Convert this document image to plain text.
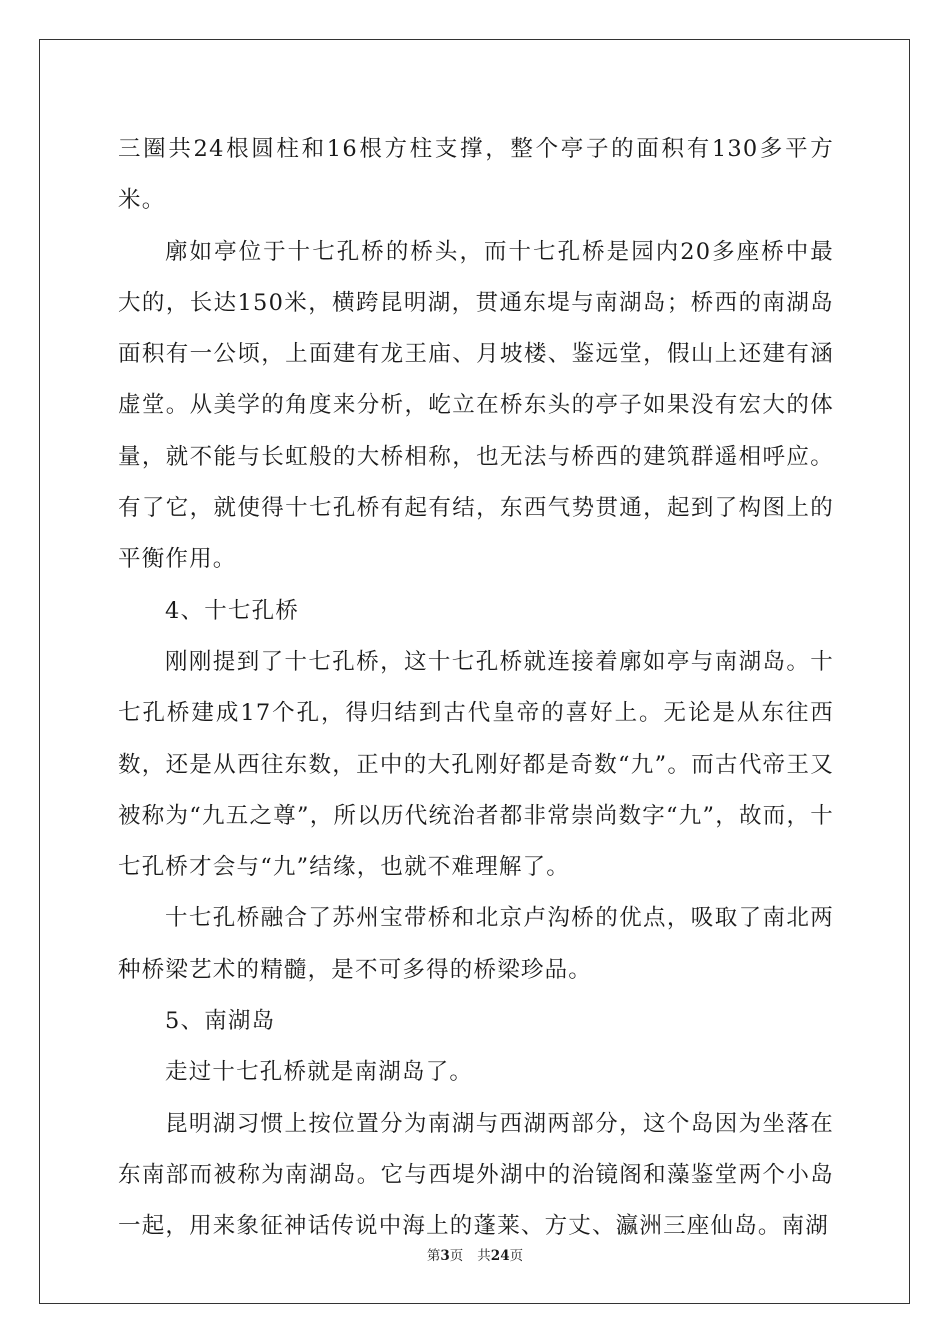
三圈共24根圆柱和16根方柱支撑，整个亭子的面积有130多平方米。

廓如亭位于十七孔桥的桥头，而十七孔桥是园内20多座桥中最大的，长达150米，横跨昆明湖，贯通东堤与南湖岛；桥西的南湖岛面积有一公顷，上面建有龙王庙、月坡楼、鉴远堂，假山上还建有涵虚堂。从美学的角度来分析，屹立在桥东头的亭子如果没有宏大的体量，就不能与长虹般的大桥相称，也无法与桥西的建筑群遥相呼应。有了它，就使得十七孔桥有起有结，东西气势贯通，起到了构图上的平衡作用。

4、十七孔桥

刚刚提到了十七孔桥，这十七孔桥就连接着廓如亭与南湖岛。十七孔桥建成17个孔，得归结到古代皇帝的喜好上。无论是从东往西数，还是从西往东数，正中的大孔刚好都是奇数“九”。而古代帝王又被称为“九五之尊”，所以历代统治者都非常崇尚数字“九”，故而，十七孔桥才会与“九”结缘，也就不难理解了。

十七孔桥融合了苏州宝带桥和北京卢沟桥的优点，吸取了南北两种桥梁艺术的精髓，是不可多得的桥梁珍品。

5、南湖岛

走过十七孔桥就是南湖岛了。

昆明湖习惯上按位置分为南湖与西湖两部分，这个岛因为坐落在东南部而被称为南湖岛。它与西堤外湖中的治镜阁和藻鉴堂两个小岛一起，用来象征神话传说中海上的蓬莱、方丈、瀛洲三座仙岛。南湖

第3页 共24页
